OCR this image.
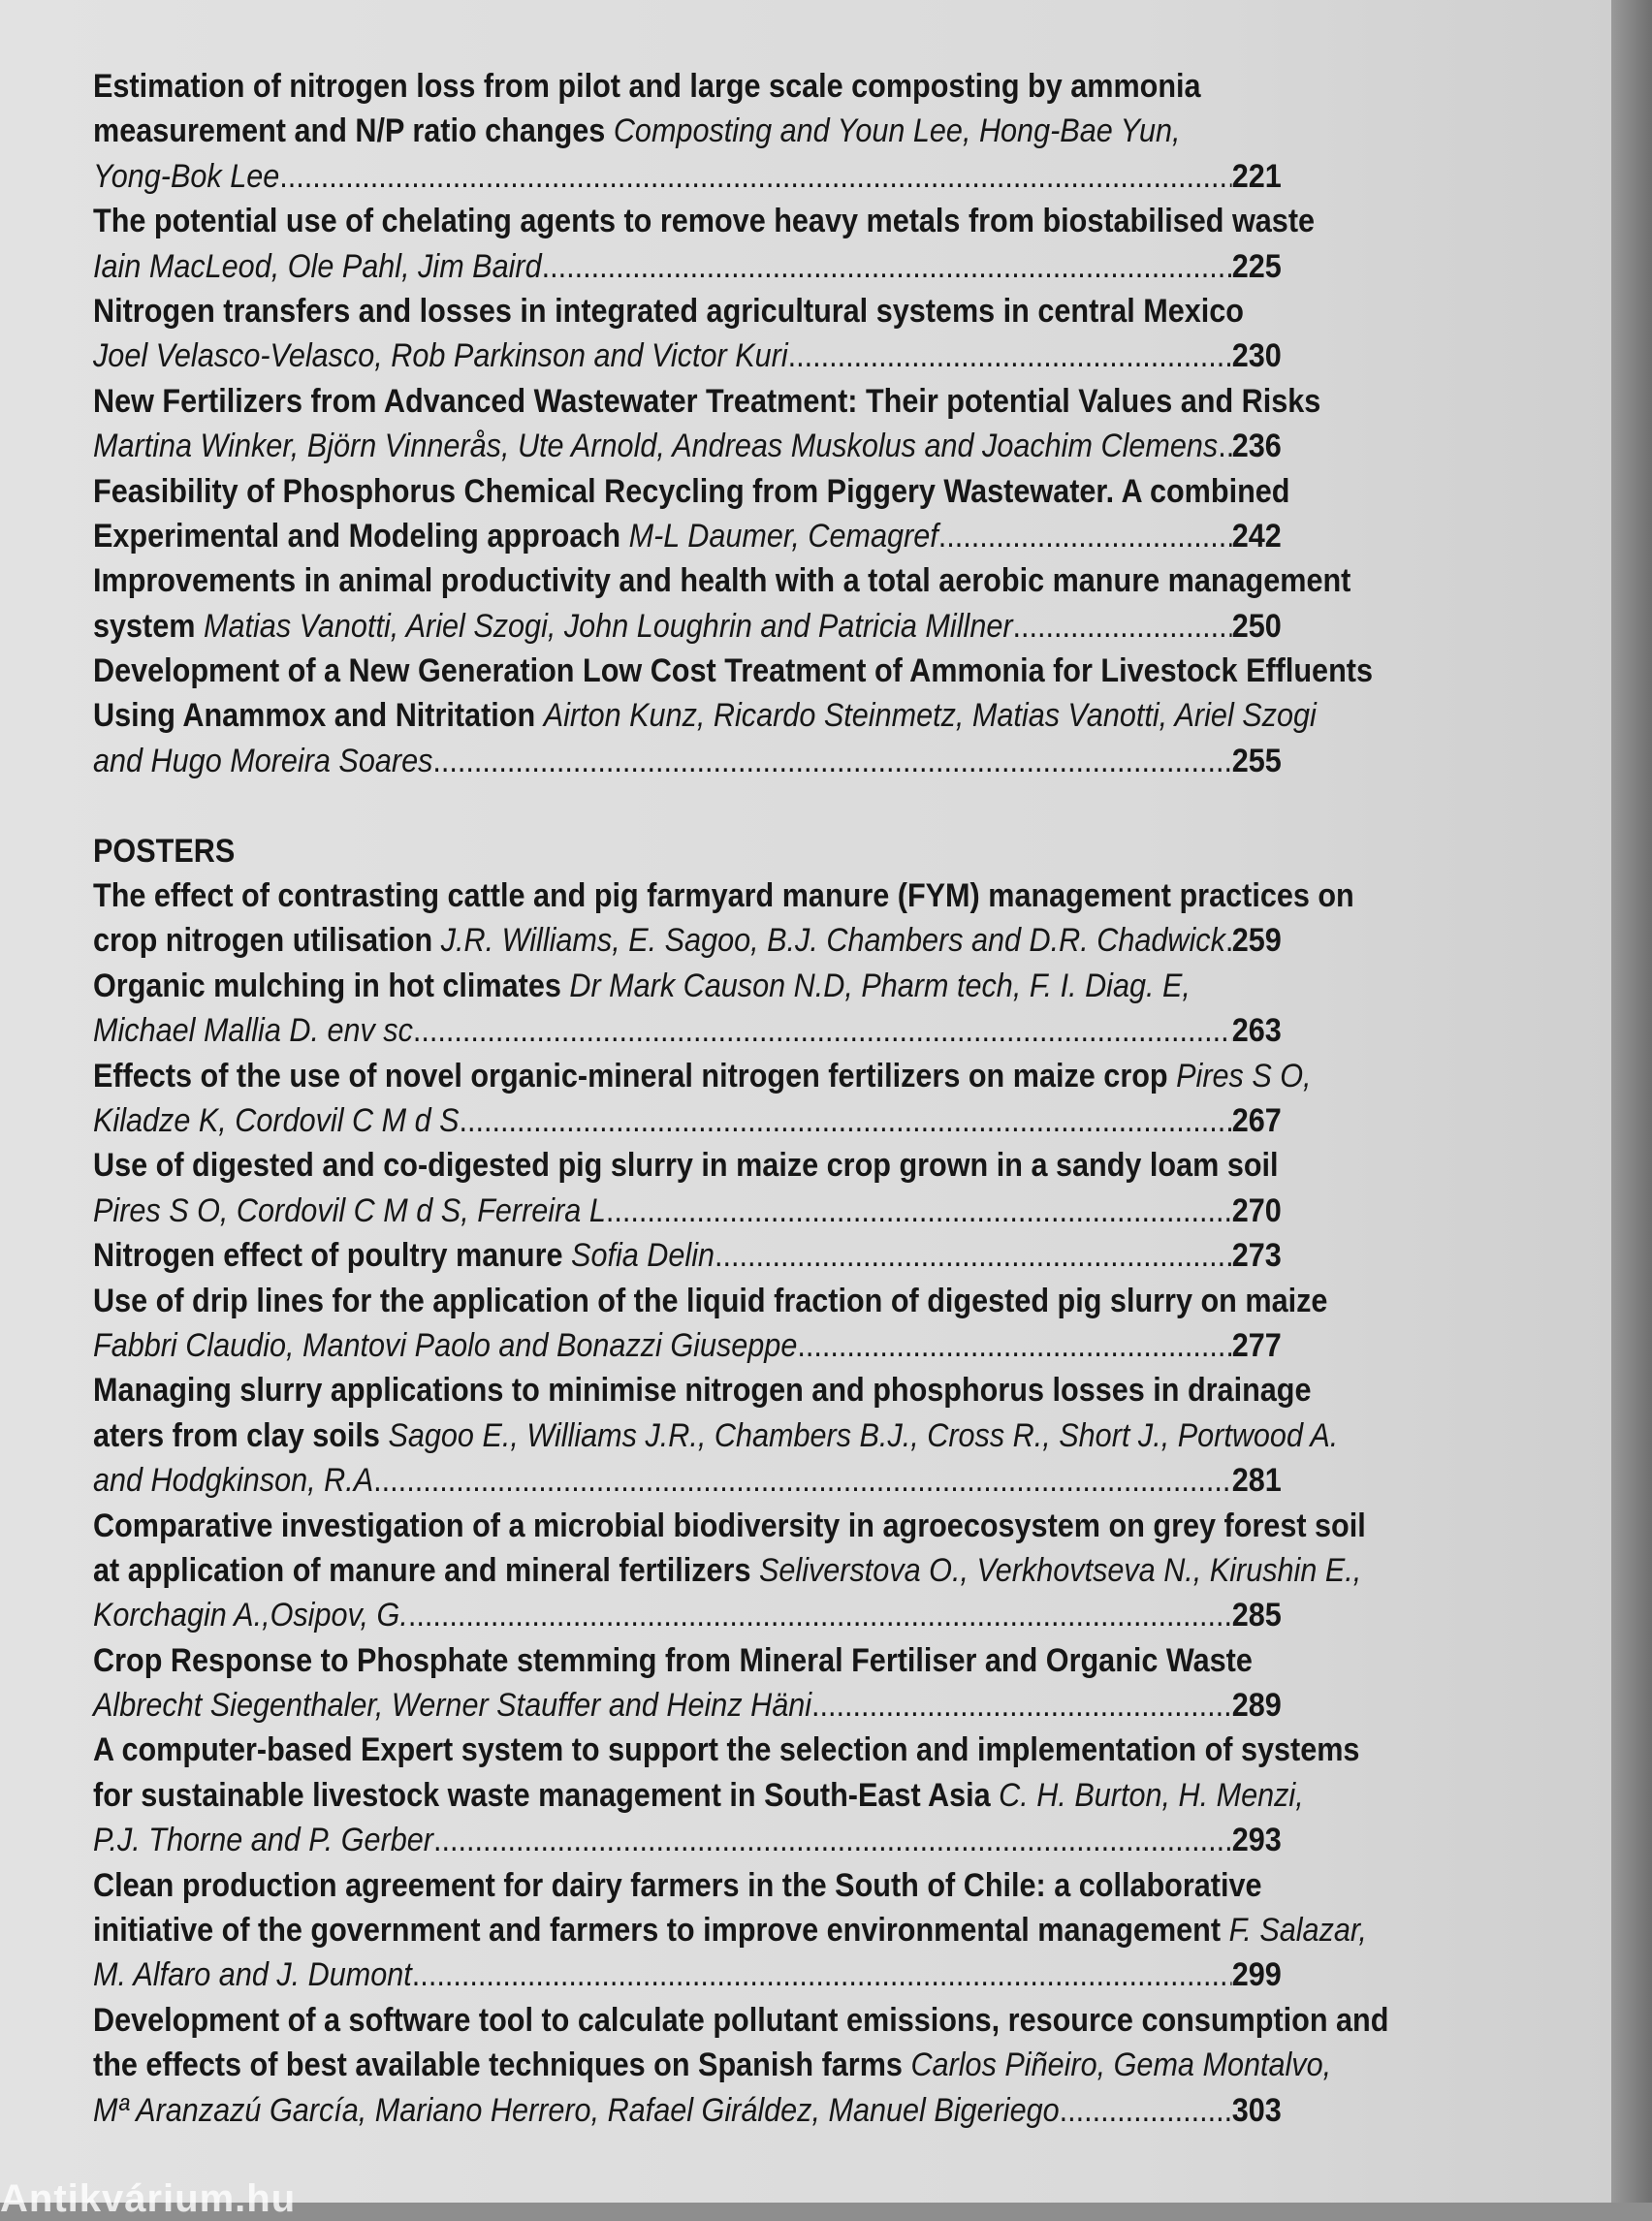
Estimation of nitrogen loss from pilot and large scale composting by ammonia
measurement and N/P ratio changes Composting and Youn Lee, Hong-Bae Yun,
Yong-Bok Lee .....	221
The potential use of chelating agents to remove heavy metals from biostabilised waste
Iain MacLeod, Ole Pahl, Jim Baird .....	225
Nitrogen transfers and losses in integrated agricultural systems in central Mexico
Joel Velasco-Velasco, Rob Parkinson and Victor Kuri .....	230
New Fertilizers from Advanced Wastewater Treatment: Their potential Values and Risks
Martina Winker, Björn Vinnerås, Ute Arnold, Andreas Muskolus and Joachim Clemens ..... 236
Feasibility of Phosphorus Chemical Recycling from Piggery Wastewater. A combined
Experimental and Modeling approach M-L Daumer, Cemagref .....	242
Improvements in animal productivity and health with a total aerobic manure management
system Matias Vanotti, Ariel Szogi, John Loughrin and Patricia Millner .....	250
Development of a New Generation Low Cost Treatment of Ammonia for Livestock Effluents
Using Anammox and Nitritation Airton Kunz, Ricardo Steinmetz, Matias Vanotti, Ariel Szogi
and Hugo Moreira Soares .....	255
POSTERS
The effect of contrasting cattle and pig farmyard manure (FYM) management practices on
crop nitrogen utilisation J.R. Williams, E. Sagoo, B.J. Chambers and D.R. Chadwick ..... 259
Organic mulching in hot climates Dr Mark Causon N.D, Pharm tech, F. I. Diag. E,
Michael Mallia D. env sc .....	263
Effects of the use of novel organic-mineral nitrogen fertilizers on maize crop Pires S O,
Kiladze K, Cordovil C M d S .....	267
Use of digested and co-digested pig slurry in maize crop grown in a sandy loam soil
Pires S O, Cordovil C M d S, Ferreira L .....	270
Nitrogen effect of poultry manure Sofia Delin .....	273
Use of drip lines for the application of the liquid fraction of digested pig slurry on maize
Fabbri Claudio, Mantovi Paolo and Bonazzi Giuseppe .....	277
Managing slurry applications to minimise nitrogen and phosphorus losses in drainage
aters from clay soils Sagoo E., Williams J.R., Chambers B.J., Cross R., Short J., Portwood A.
and Hodgkinson, R.A .....	281
Comparative investigation of a microbial biodiversity in agroecosystem on grey forest soil
at application of manure and mineral fertilizers Seliverstova O., Verkhovtseva N., Kirushin E.,
Korchagin A.,Osipov, G. .....	285
Crop Response to Phosphate stemming from Mineral Fertiliser and Organic Waste
Albrecht Siegenthaler, Werner Stauffer and Heinz Häni .....	289
A computer-based Expert system to support the selection and implementation of systems
for sustainable livestock waste management in South-East Asia C. H. Burton, H. Menzi,
P.J. Thorne and P. Gerber .....	293
Clean production agreement for dairy farmers in the South of Chile: a collaborative
initiative of the government and farmers to improve environmental management F. Salazar,
M. Alfaro and J. Dumont .....	299
Development of a software tool to calculate pollutant emissions, resource consumption and
the effects of best available techniques on Spanish farms Carlos Piñeiro, Gema Montalvo,
Mª Aranzazú García, Mariano Herrero, Rafael Giráldez, Manuel Bigeriego .....	303
Antikvárium.hu
